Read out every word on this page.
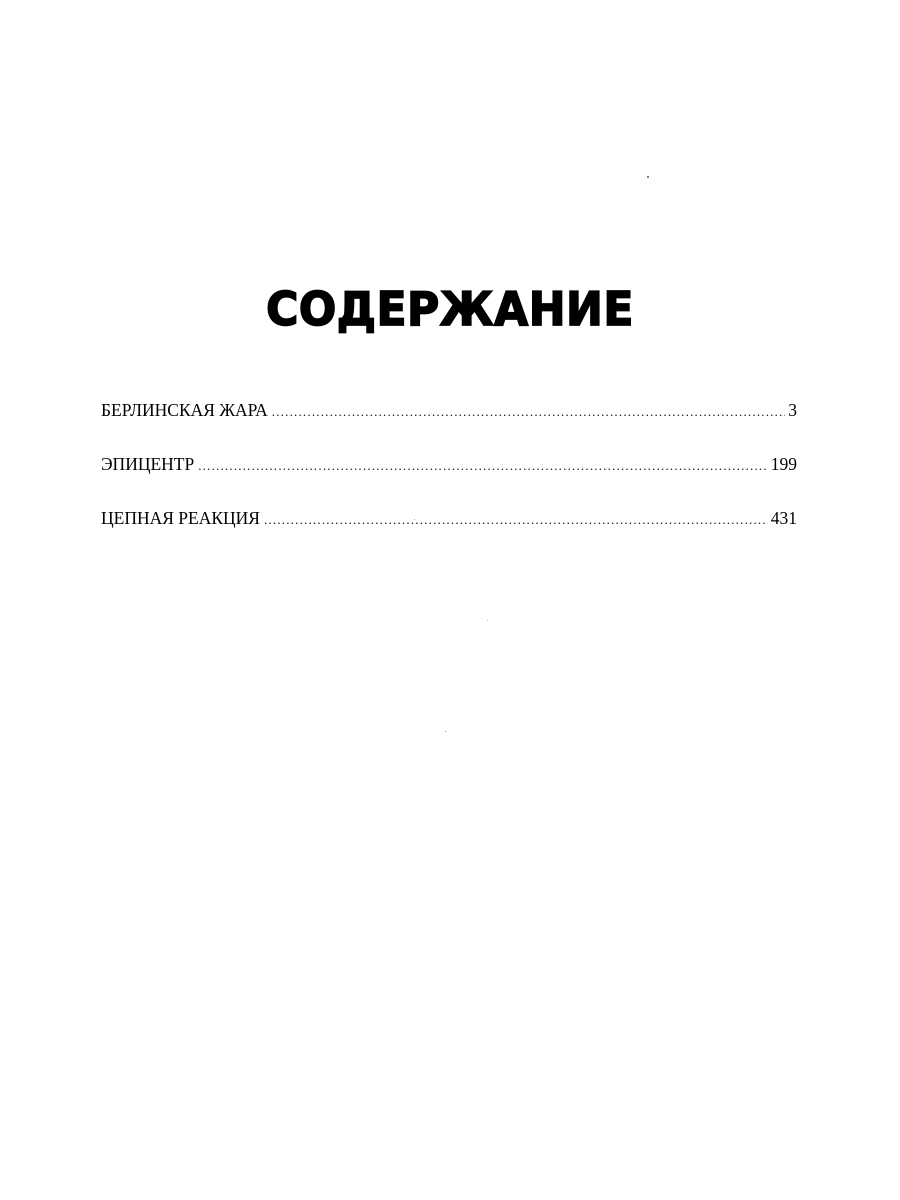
СОДЕРЖАНИЕ
БЕРЛИНСКАЯ ЖАРА .....	3
ЭПИЦЕНТР .....	199
ЦЕПНАЯ РЕАКЦИЯ .....	431
